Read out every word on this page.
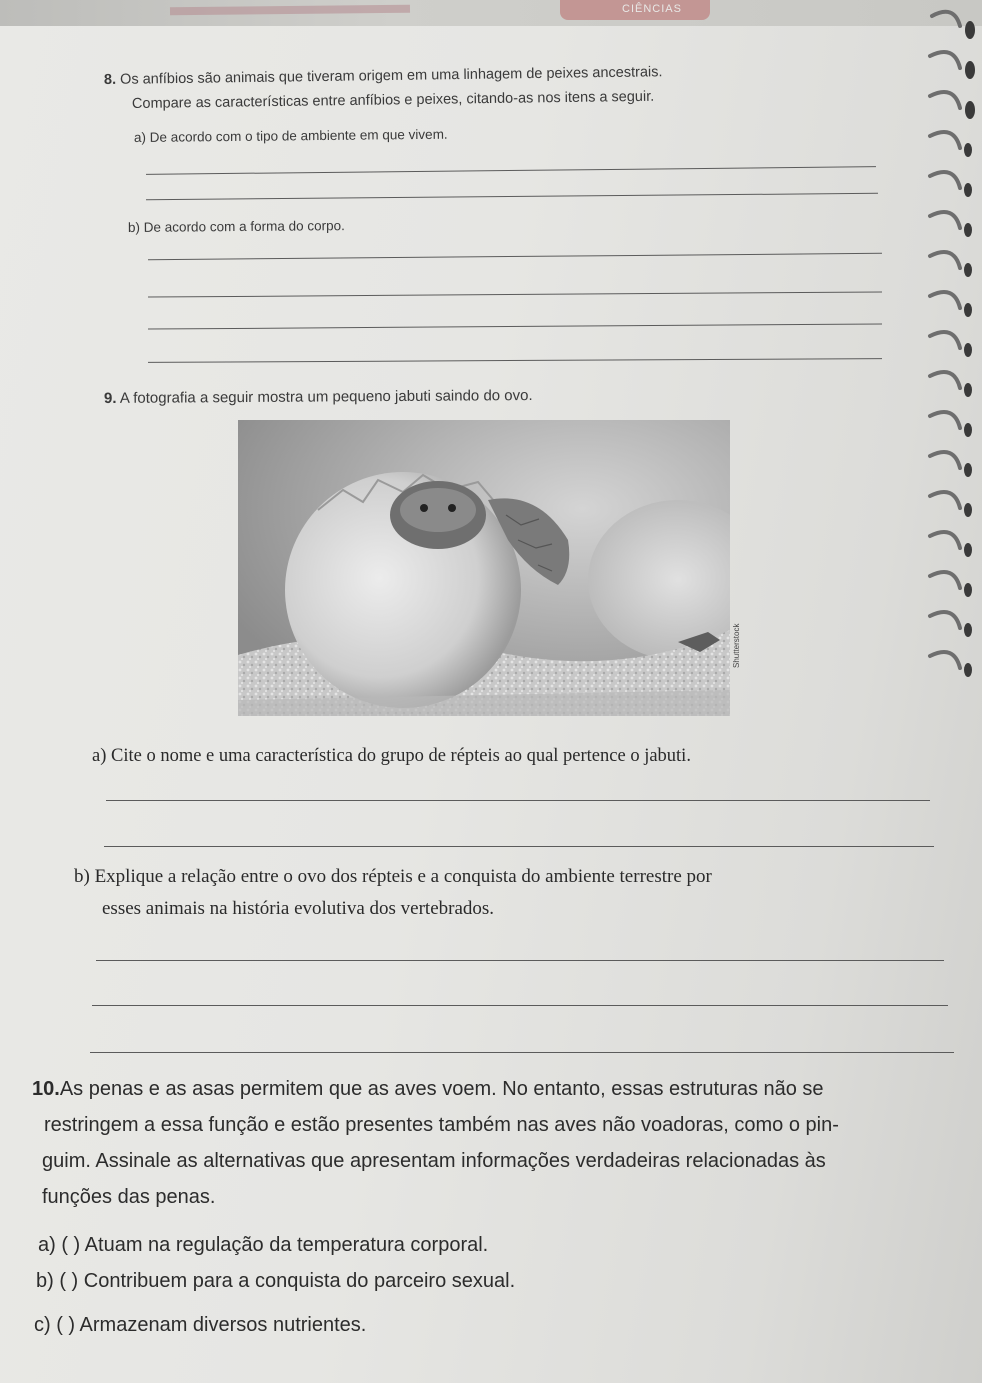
CIÊNCIAS
8. Os anfíbios são animais que tiveram origem em uma linhagem de peixes ancestrais.
Compare as características entre anfíbios e peixes, citando-as nos itens a seguir.
a) De acordo com o tipo de ambiente em que vivem.
b) De acordo com a forma do corpo.
9. A fotografia a seguir mostra um pequeno jabuti saindo do ovo.
Shutterstock
a) Cite o nome e uma característica do grupo de répteis ao qual pertence o jabuti.
b) Explique a relação entre o ovo dos répteis e a conquista do ambiente terrestre por
esses animais na história evolutiva dos vertebrados.
10.As penas e as asas permitem que as aves voem. No entanto, essas estruturas não se
restringem a essa função e estão presentes também nas aves não voadoras, como o pin-
guim. Assinale as alternativas que apresentam informações verdadeiras relacionadas às
funções das penas.
a) ( ) Atuam na regulação da temperatura corporal.
b) ( ) Contribuem para a conquista do parceiro sexual.
c) ( ) Armazenam diversos nutrientes.
